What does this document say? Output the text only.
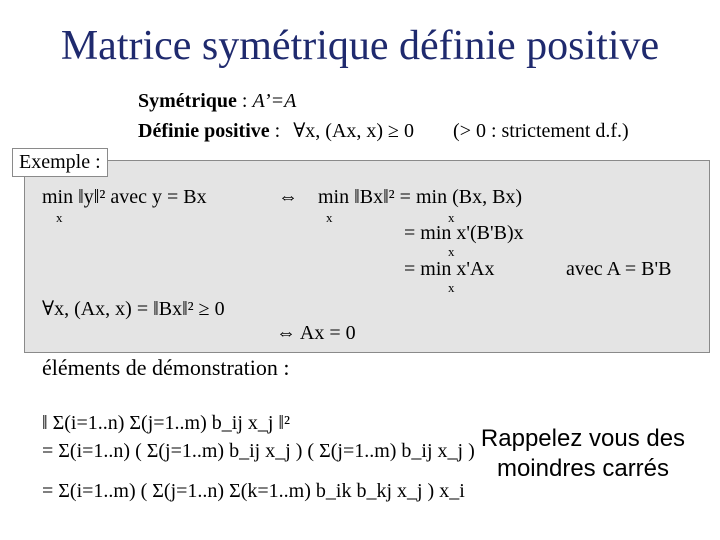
Matrice symétrique définie positive
Symétrique : A’=A
Définie positive : ∀x, (Ax, x) ≥ 0 (> 0 : strictement d.f.)
Exemple :
min ‖y‖² avec y = Bx
x
⇔ min ‖Bx‖² = min (Bx, Bx)
x	x
= min x'(B'B)x
x
= min x'Ax
x
avec A = B'B
∀x, (Ax, x) = ‖Bx‖² ≥ 0
⇔ Ax = 0
éléments de démonstration :
‖ Σ(i=1..n) Σ(j=1..m) b_ij x_j ‖²
= Σ(i=1..n) ( Σ(j=1..m) b_ij x_j ) ( Σ(j=1..m) b_ij x_j )
= Σ(i=1..m) ( Σ(j=1..n) Σ(k=1..m) b_ik b_kj x_j ) x_i
Rappelez vous des moindres carrés
